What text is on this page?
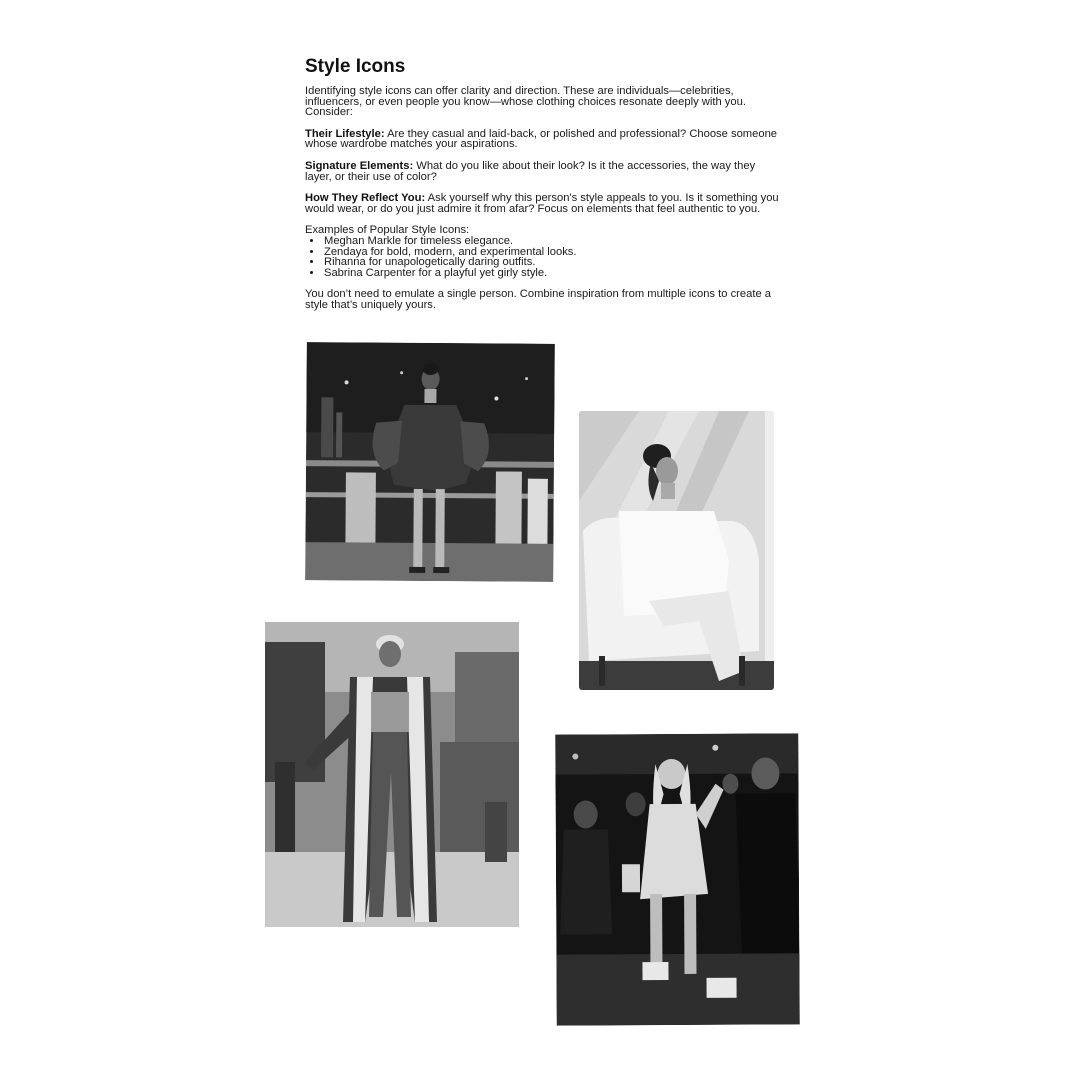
Style Icons

Identifying style icons can offer clarity and direction. These are individuals—celebrities, influencers, or even people you know—whose clothing choices resonate deeply with you. Consider:

Their Lifestyle: Are they casual and laid-back, or polished and professional? Choose someone whose wardrobe matches your aspirations.

Signature Elements: What do you like about their look? Is it the accessories, the way they layer, or their use of color?

How They Reflect You: Ask yourself why this person's style appeals to you. Is it something you would wear, or do you just admire it from afar? Focus on elements that feel authentic to you.

Examples of Popular Style Icons:

• Meghan Markle for timeless elegance.
• Zendaya for bold, modern, and experimental looks.
• Rihanna for unapologetically daring outfits.
• Sabrina Carpenter for a playful yet girly style.

You don’t need to emulate a single person. Combine inspiration from multiple icons to create a style that’s uniquely yours.
